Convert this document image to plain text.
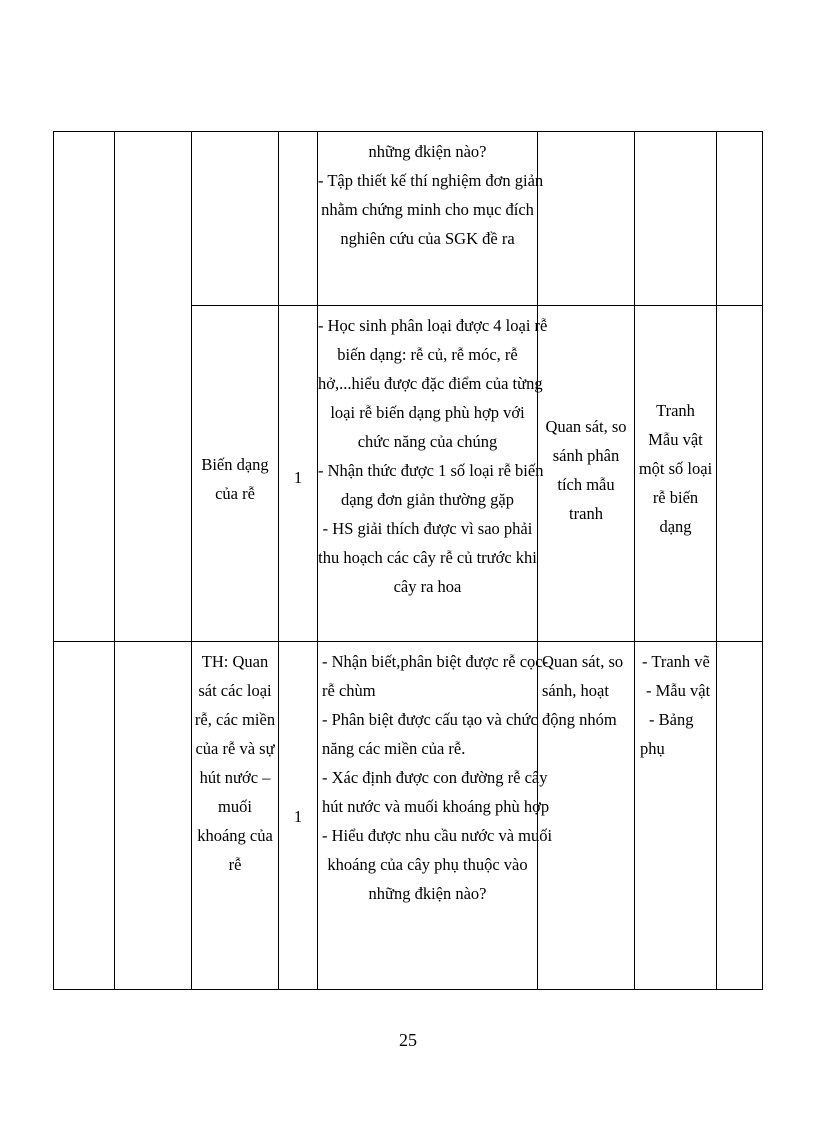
những đkiện nào?
- Tập thiết kế thí nghiệm đơn giản
nhằm chứng minh cho mục đích
nghiên cứu của SGK đề ra
Biến dạng
của rễ
1
- Học sinh phân loại được 4 loại rễ
biến dạng: rễ củ, rễ móc, rễ
hở,...hiểu được đặc điểm của từng
loại rễ biến dạng phù hợp với
chức năng của chúng
- Nhận thức được 1 số loại rễ biến
dạng đơn giản thường gặp
- HS giải thích được vì sao phải
thu hoạch các cây rễ củ trước khi
cây ra hoa
Quan sát, so
sánh phân
tích mẫu
tranh
Tranh
Mẫu vật
một số loại
rễ biến
dạng
TH: Quan
sát các loại
rễ, các miền
của rễ và sự
hút nước –
muối
khoáng của
rễ
1
- Nhận biết,phân biệt được rễ cọc-
rễ chùm
- Phân biệt được cấu tạo và chức
năng các miền của rễ.
- Xác định được con đường rễ cây
hút nước và muối khoáng phù hợp
- Hiểu được nhu cầu nước và muối
khoáng của cây phụ thuộc vào
những đkiện nào?
Quan sát, so
sánh, hoạt
động nhóm
- Tranh vẽ
- Mẫu vật
- Bảng
phụ
25
